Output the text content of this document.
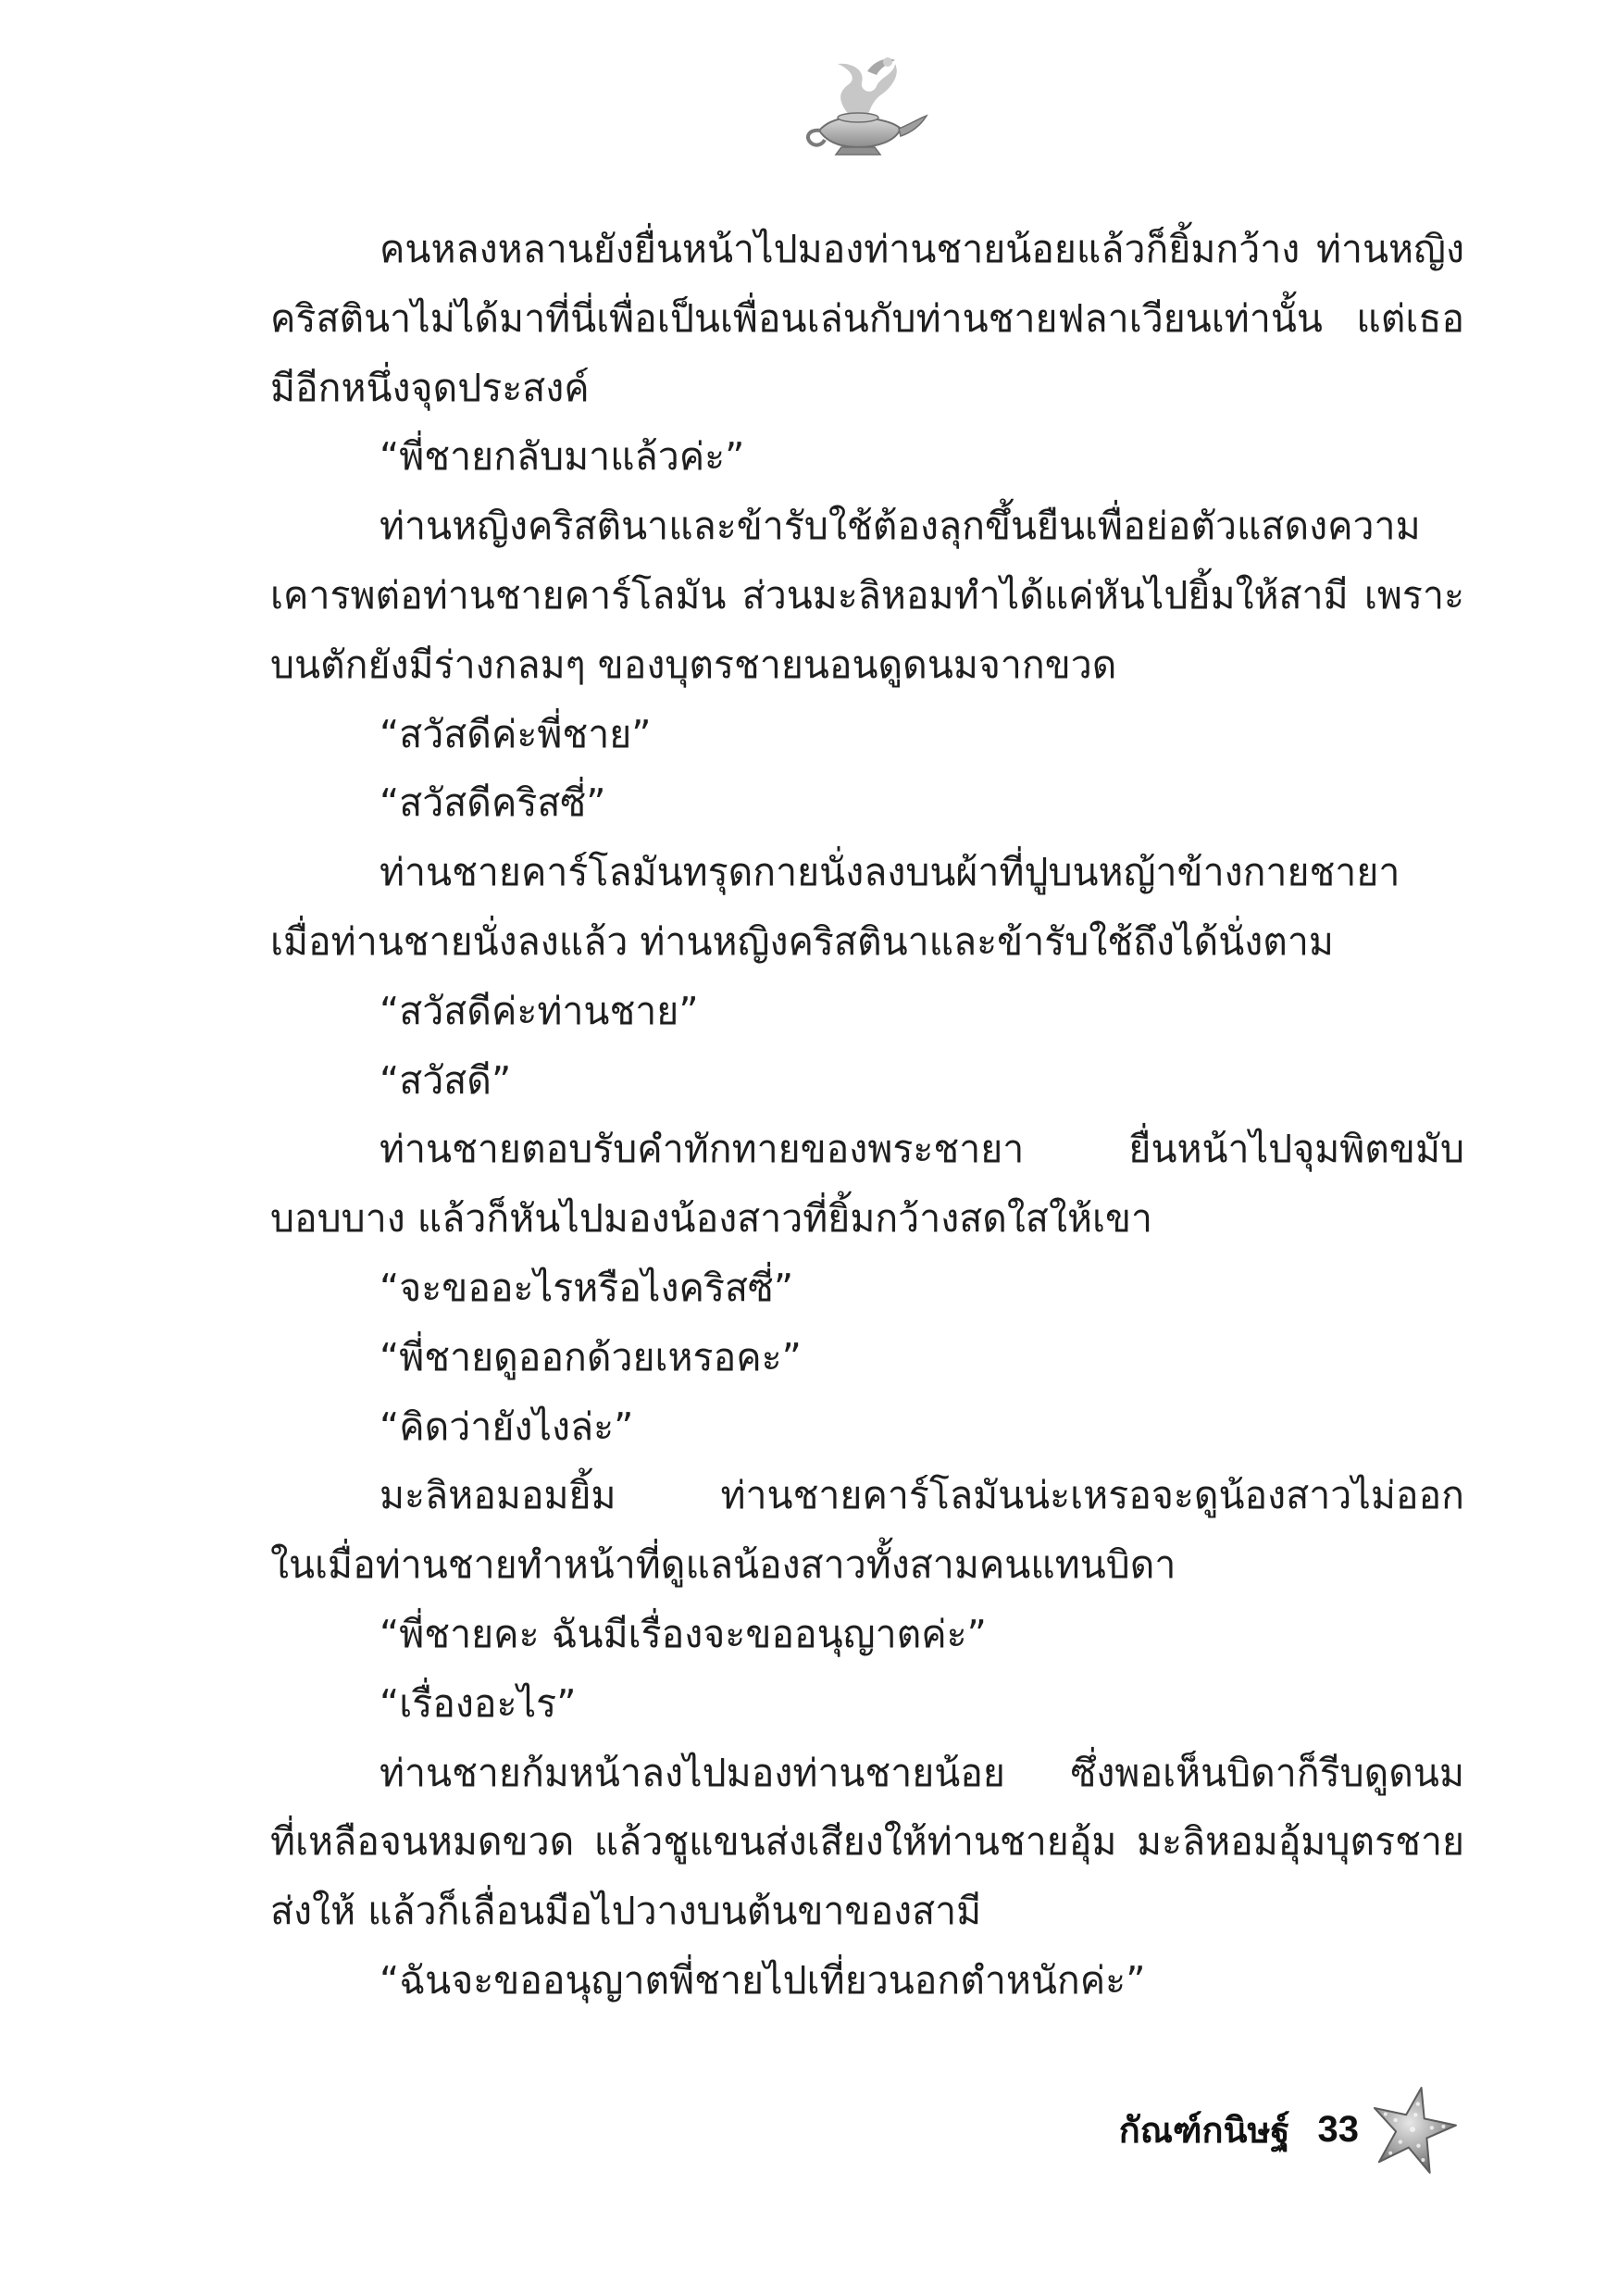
คนหลงหลานยังยื่นหน้าไปมองท่านชายน้อยแล้วก็ยิ้มกว้าง ท่านหญิง
คริสตินาไม่ได้มาที่นี่เพื่อเป็นเพื่อนเล่นกับท่านชายฟลาเวียนเท่านั้น แต่เธอ
มีอีกหนึ่งจุดประสงค์
“พี่ชายกลับมาแล้วค่ะ”
ท่านหญิงคริสตินาและข้ารับใช้ต้องลุกขึ้นยืนเพื่อย่อตัวแสดงความ
เคารพต่อท่านชายคาร์โลมัน ส่วนมะลิหอมทำได้แค่หันไปยิ้มให้สามี เพราะ
บนตักยังมีร่างกลมๆ ของบุตรชายนอนดูดนมจากขวด
“สวัสดีค่ะพี่ชาย”
“สวัสดีคริสซี่”
ท่านชายคาร์โลมันทรุดกายนั่งลงบนผ้าที่ปูบนหญ้าข้างกายชายา
เมื่อท่านชายนั่งลงแล้ว ท่านหญิงคริสตินาและข้ารับใช้ถึงได้นั่งตาม
“สวัสดีค่ะท่านชาย”
“สวัสดี”
ท่านชายตอบรับคำทักทายของพระชายา ยื่นหน้าไปจุมพิตขมับ
บอบบาง แล้วก็หันไปมองน้องสาวที่ยิ้มกว้างสดใสให้เขา
“จะขออะไรหรือไงคริสซี่”
“พี่ชายดูออกด้วยเหรอคะ”
“คิดว่ายังไงล่ะ”
มะลิหอมอมยิ้ม ท่านชายคาร์โลมันน่ะเหรอจะดูน้องสาวไม่ออก
ในเมื่อท่านชายทำหน้าที่ดูแลน้องสาวทั้งสามคนแทนบิดา
“พี่ชายคะ ฉันมีเรื่องจะขออนุญาตค่ะ”
“เรื่องอะไร”
ท่านชายก้มหน้าลงไปมองท่านชายน้อย ซึ่งพอเห็นบิดาก็รีบดูดนม
ที่เหลือจนหมดขวด แล้วชูแขนส่งเสียงให้ท่านชายอุ้ม มะลิหอมอุ้มบุตรชาย
ส่งให้ แล้วก็เลื่อนมือไปวางบนต้นขาของสามี
“ฉันจะขออนุญาตพี่ชายไปเที่ยวนอกตำหนักค่ะ”
กัณฑ์กนิษฐ์ 33
